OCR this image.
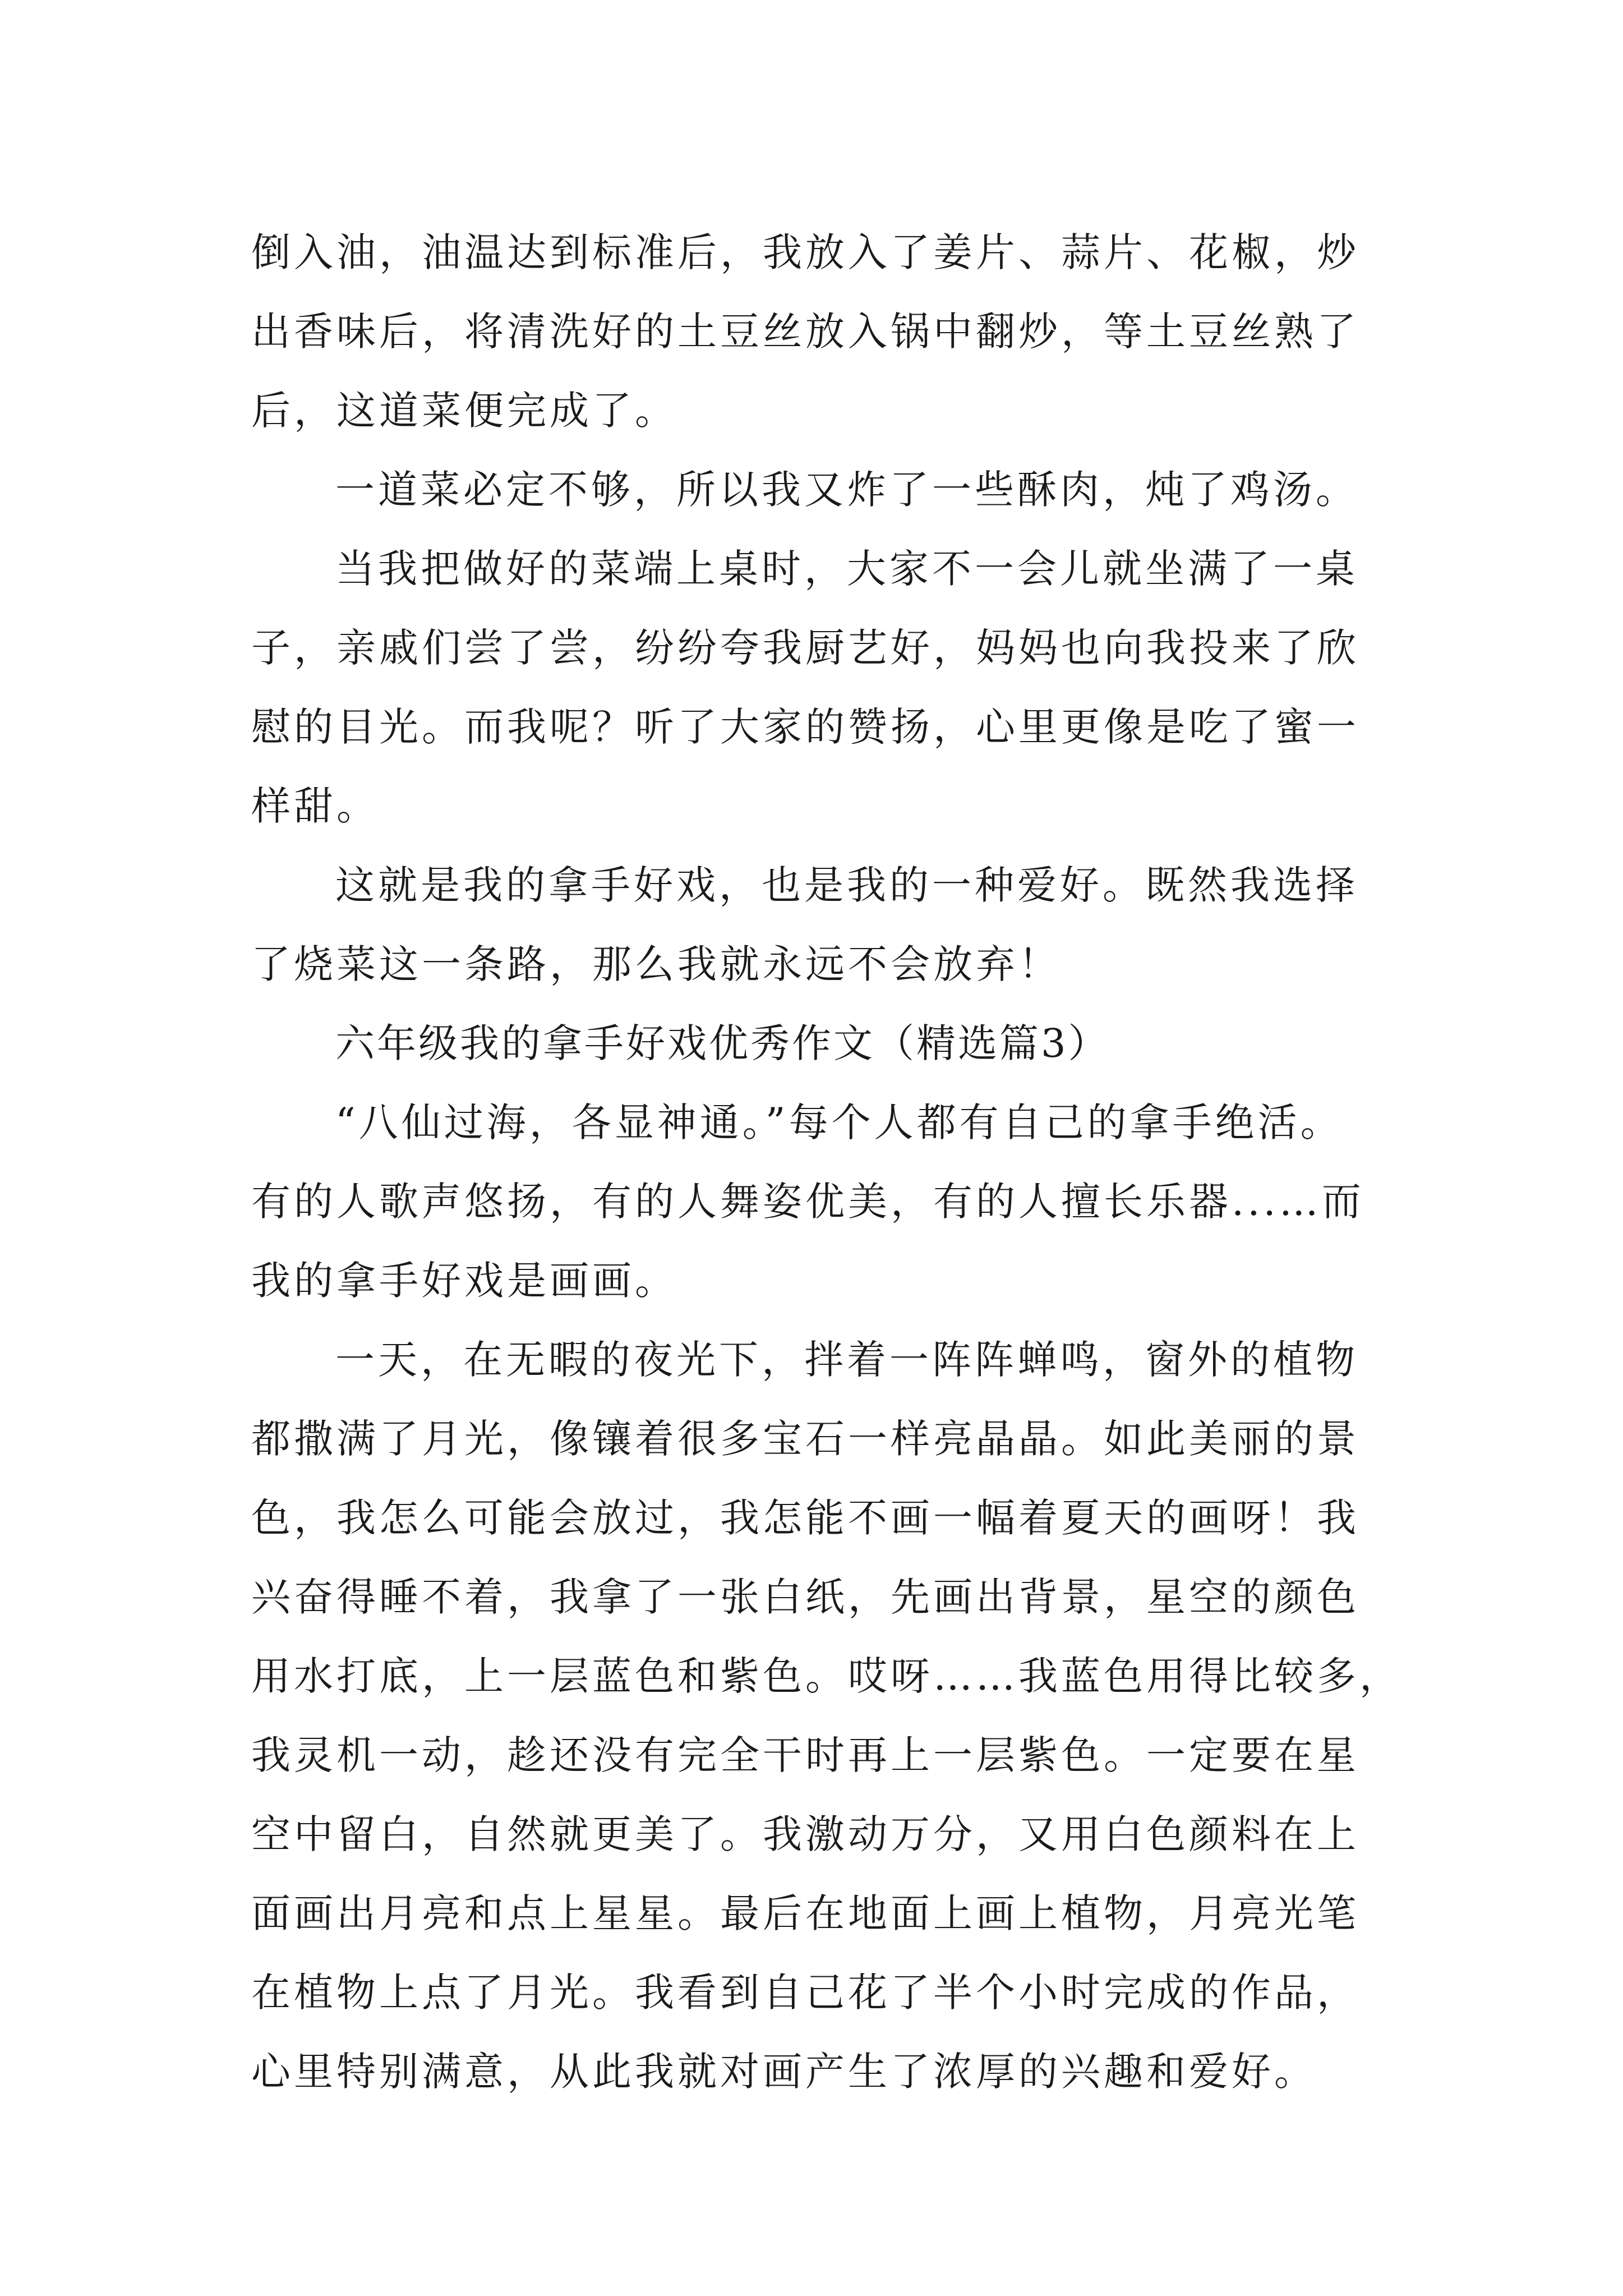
倒入油，油温达到标准后，我放入了姜片、蒜片、花椒，炒
出香味后，将清洗好的土豆丝放入锅中翻炒，等土豆丝熟了
后，这道菜便完成了。
一道菜必定不够，所以我又炸了一些酥肉，炖了鸡汤。
当我把做好的菜端上桌时，大家不一会儿就坐满了一桌
子，亲戚们尝了尝，纷纷夸我厨艺好，妈妈也向我投来了欣
慰的目光。而我呢？听了大家的赞扬，心里更像是吃了蜜一
样甜。
这就是我的拿手好戏，也是我的一种爱好。既然我选择
了烧菜这一条路，那么我就永远不会放弃！
六年级我的拿手好戏优秀作文（精选篇3）
“八仙过海，各显神通。”每个人都有自己的拿手绝活。
有的人歌声悠扬，有的人舞姿优美，有的人擅长乐器...…而
我的拿手好戏是画画。
一天，在无暇的夜光下，拌着一阵阵蝉鸣，窗外的植物
都撒满了月光，像镶着很多宝石一样亮晶晶。如此美丽的景
色，我怎么可能会放过，我怎能不画一幅着夏天的画呀！我
兴奋得睡不着，我拿了一张白纸，先画出背景，星空的颜色
用水打底，上一层蓝色和紫色。哎呀……我蓝色用得比较多，
我灵机一动，趁还没有完全干时再上一层紫色。一定要在星
空中留白，自然就更美了。我激动万分，又用白色颜料在上
面画出月亮和点上星星。最后在地面上画上植物，月亮光笔
在植物上点了月光。我看到自己花了半个小时完成的作品，
心里特别满意，从此我就对画产生了浓厚的兴趣和爱好。
